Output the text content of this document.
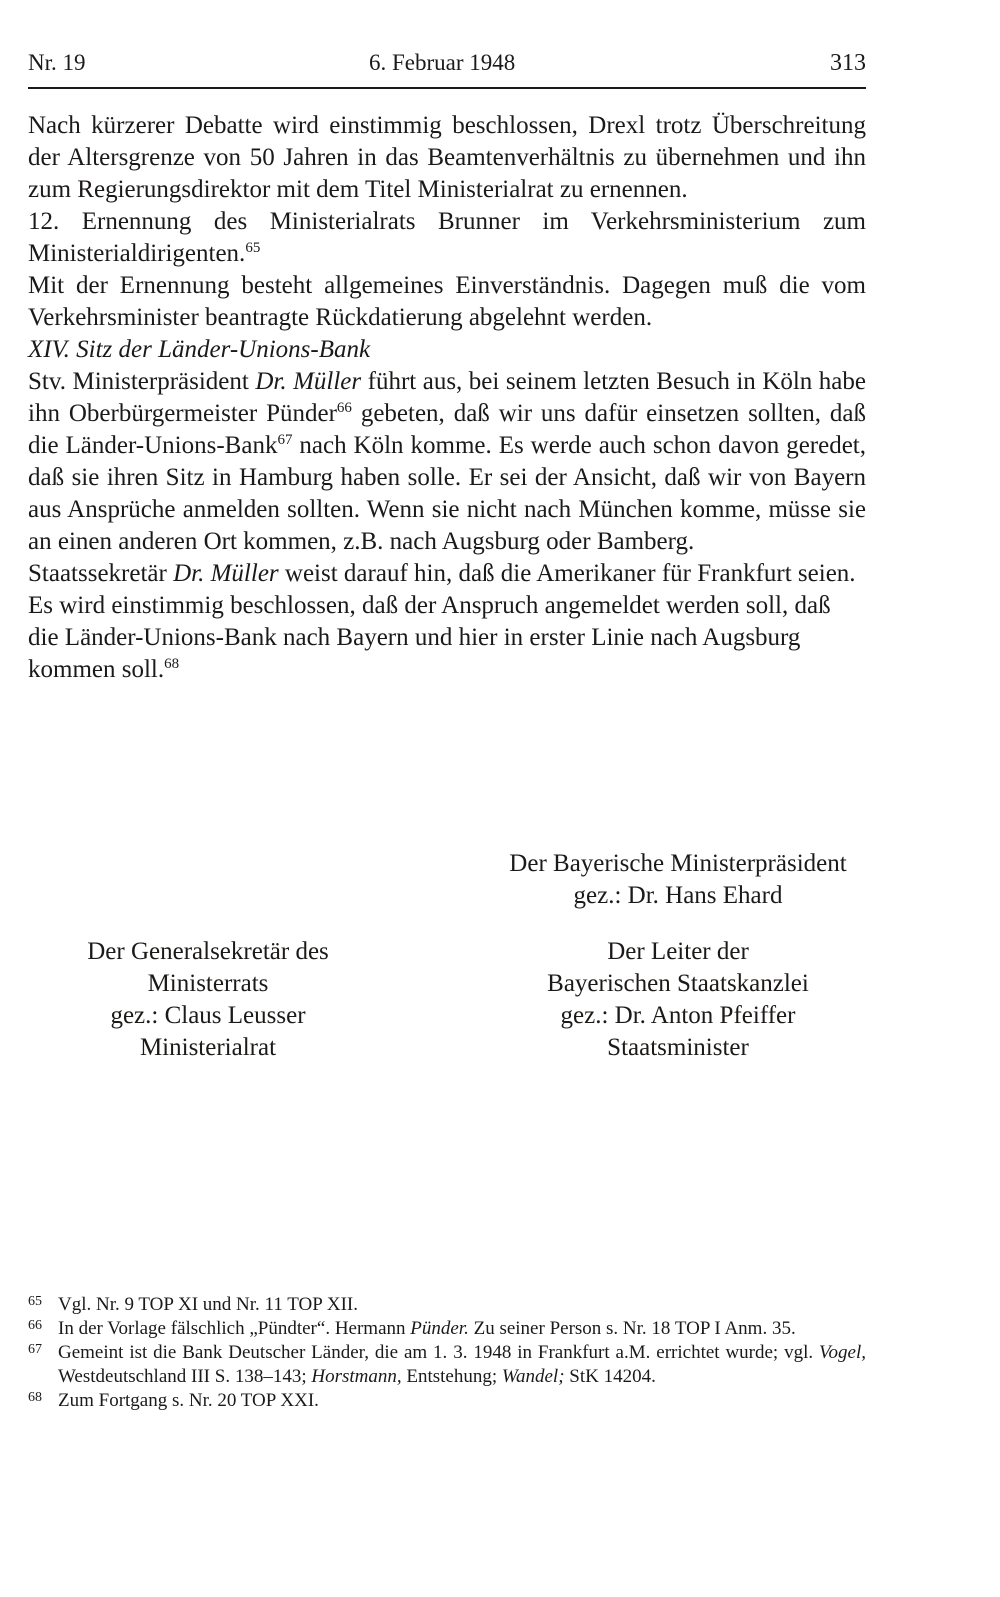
Nr. 19	6. Februar 1948	313

Nach kürzerer Debatte wird einstimmig beschlossen, Drexl trotz Überschreitung der Altersgrenze von 50 Jahren in das Beamtenverhältnis zu übernehmen und ihn zum Regierungsdirektor mit dem Titel Ministerialrat zu ernennen.

12. Ernennung des Ministerialrats Brunner im Verkehrsministerium zum Ministerialdirigenten.$^{65}$

Mit der Ernennung besteht allgemeines Einverständnis. Dagegen muß die vom Verkehrsminister beantragte Rückdatierung abgelehnt werden.

XIV. Sitz der Länder-Unions-Bank

Stv. Ministerpräsident Dr. Müller führt aus, bei seinem letzten Besuch in Köln habe ihn Oberbürgermeister Pünder$^{66}$ gebeten, daß wir uns dafür einsetzen sollten, daß die Länder-Unions-Bank$^{67}$ nach Köln komme. Es werde auch schon davon geredet, daß sie ihren Sitz in Hamburg haben solle. Er sei der Ansicht, daß wir von Bayern aus Ansprüche anmelden sollten. Wenn sie nicht nach München komme, müsse sie an einen anderen Ort kommen, z.B. nach Augsburg oder Bamberg.

Staatssekretär Dr. Müller weist darauf hin, daß die Amerikaner für Frankfurt seien.

Es wird einstimmig beschlossen, daß der Anspruch angemeldet werden soll, daß die Länder-Unions-Bank nach Bayern und hier in erster Linie nach Augsburg kommen soll.$^{68}$

Der Bayerische Ministerpräsident
gez.: Dr. Hans Ehard
Der Generalsekretär des
Ministerrats
gez.: Claus Leusser
Ministerialrat
Der Leiter der
Bayerischen Staatskanzlei
gez.: Dr. Anton Pfeiffer
Staatsminister
65 Vgl. Nr. 9 TOP XI und Nr. 11 TOP XII.
66 In der Vorlage fälschlich „Pündter“. Hermann Pünder. Zu seiner Person s. Nr. 18 TOP I Anm. 35.
67 Gemeint ist die Bank Deutscher Länder, die am 1. 3. 1948 in Frankfurt a.M. errichtet wurde; vgl. Vogel, Westdeutschland III S. 138–143; Horstmann, Entstehung; Wandel; StK 14204.
68 Zum Fortgang s. Nr. 20 TOP XXI.
